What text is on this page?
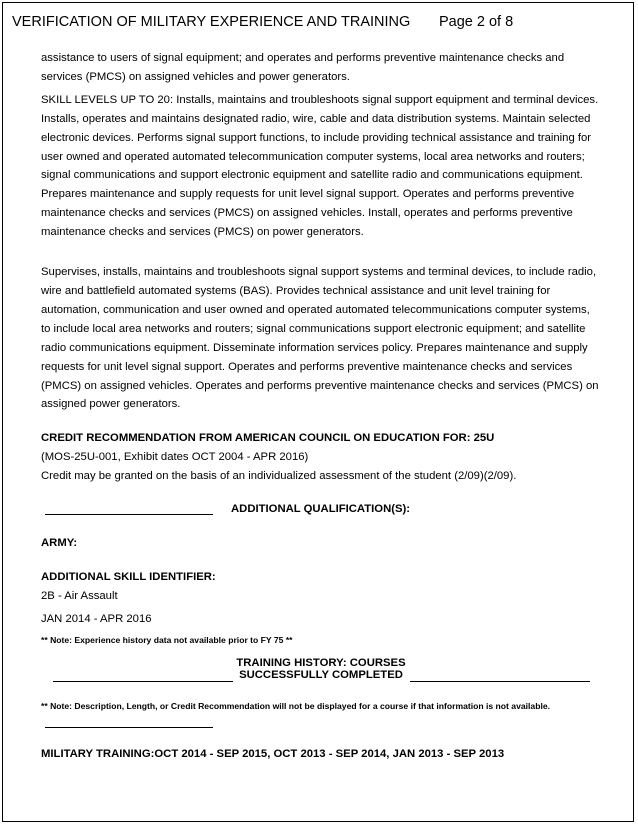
VERIFICATION OF MILITARY EXPERIENCE AND TRAINING Page 2 of 8

assistance to users of signal equipment; and operates and performs preventive maintenance checks and services (PMCS) on assigned vehicles and power generators.

SKILL LEVELS UP TO 20: Installs, maintains and troubleshoots signal support equipment and terminal devices. Installs, operates and maintains designated radio, wire, cable and data distribution systems. Maintain selected electronic devices. Performs signal support functions, to include providing technical assistance and training for user owned and operated automated telecommunication computer systems, local area networks and routers; signal communications and support electronic equipment and satellite radio and communications equipment. Prepares maintenance and supply requests for unit level signal support. Operates and performs preventive maintenance checks and services (PMCS) on assigned vehicles. Install, operates and performs preventive maintenance checks and services (PMCS) on power generators.

Supervises, installs, maintains and troubleshoots signal support systems and terminal devices, to include radio, wire and battlefield automated systems (BAS). Provides technical assistance and unit level training for automation, communication and user owned and operated automated telecommunications computer systems, to include local area networks and routers; signal communications support electronic equipment; and satellite radio communications equipment. Disseminate information services policy. Prepares maintenance and supply requests for unit level signal support. Operates and performs preventive maintenance checks and services (PMCS) on assigned vehicles. Operates and performs preventive maintenance checks and services (PMCS) on assigned power generators.

CREDIT RECOMMENDATION FROM AMERICAN COUNCIL ON EDUCATION FOR: 25U

(MOS-25U-001, Exhibit dates OCT 2004 - APR 2016)

Credit may be granted on the basis of an individualized assessment of the student (2/09)(2/09).

ADDITIONAL QUALIFICATION(S):

ARMY:

ADDITIONAL SKILL IDENTIFIER:

2B - Air Assault

JAN 2014 - APR 2016

** Note: Experience history data not available prior to FY 75 **

TRAINING HISTORY: COURSES
SUCCESSFULLY COMPLETED

** Note: Description, Length, or Credit Recommendation will not be displayed for a course if that information is not available.

MILITARY TRAINING:OCT 2014 - SEP 2015, OCT 2013 - SEP 2014, JAN 2013 - SEP 2013
